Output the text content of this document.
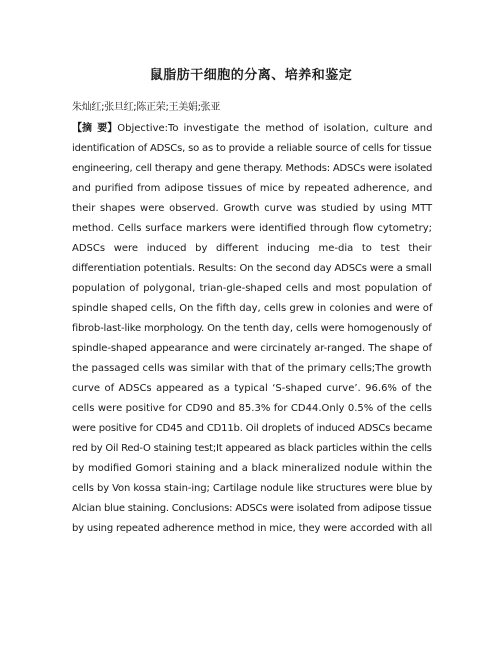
鼠脂肪干细胞的分离、培养和鉴定
朱灿红;张旦红;陈正荣;王美娟;张亚
【摘 要】Objective:To investigate the method of isolation, culture and
identification of ADSCs, so as to provide a reliable source of cells for tissue
engineering, cell therapy and gene therapy. Methods: ADSCs were isolated
and purified from adipose tissues of mice by repeated adherence, and
their shapes were observed. Growth curve was studied by using MTT
method. Cells surface markers were identified through flow cytometry;
ADSCs were induced by different inducing me-dia to test their
differentiation potentials. Results: On the second day ADSCs were a small
population of polygonal, trian-gle-shaped cells and most population of
spindle shaped cells, On the fifth day, cells grew in colonies and were of
fibrob-last-like morphology. On the tenth day, cells were homogenously of
spindle-shaped appearance and were circinately ar-ranged. The shape of
the passaged cells was similar with that of the primary cells;The growth
curve of ADSCs appeared as a typical ‘S-shaped curve’. 96.6% of the
cells were positive for CD90 and 85.3% for CD44.Only 0.5% of the cells
were positive for CD45 and CD11b. Oil droplets of induced ADSCs became
red by Oil Red-O staining test;It appeared as black particles within the cells
by modified Gomori staining and a black mineralized nodule within the
cells by Von kossa stain-ing; Cartilage nodule like structures were blue by
Alcian blue staining. Conclusions: ADSCs were isolated from adipose tissue
by using repeated adherence method in mice, they were accorded with all
